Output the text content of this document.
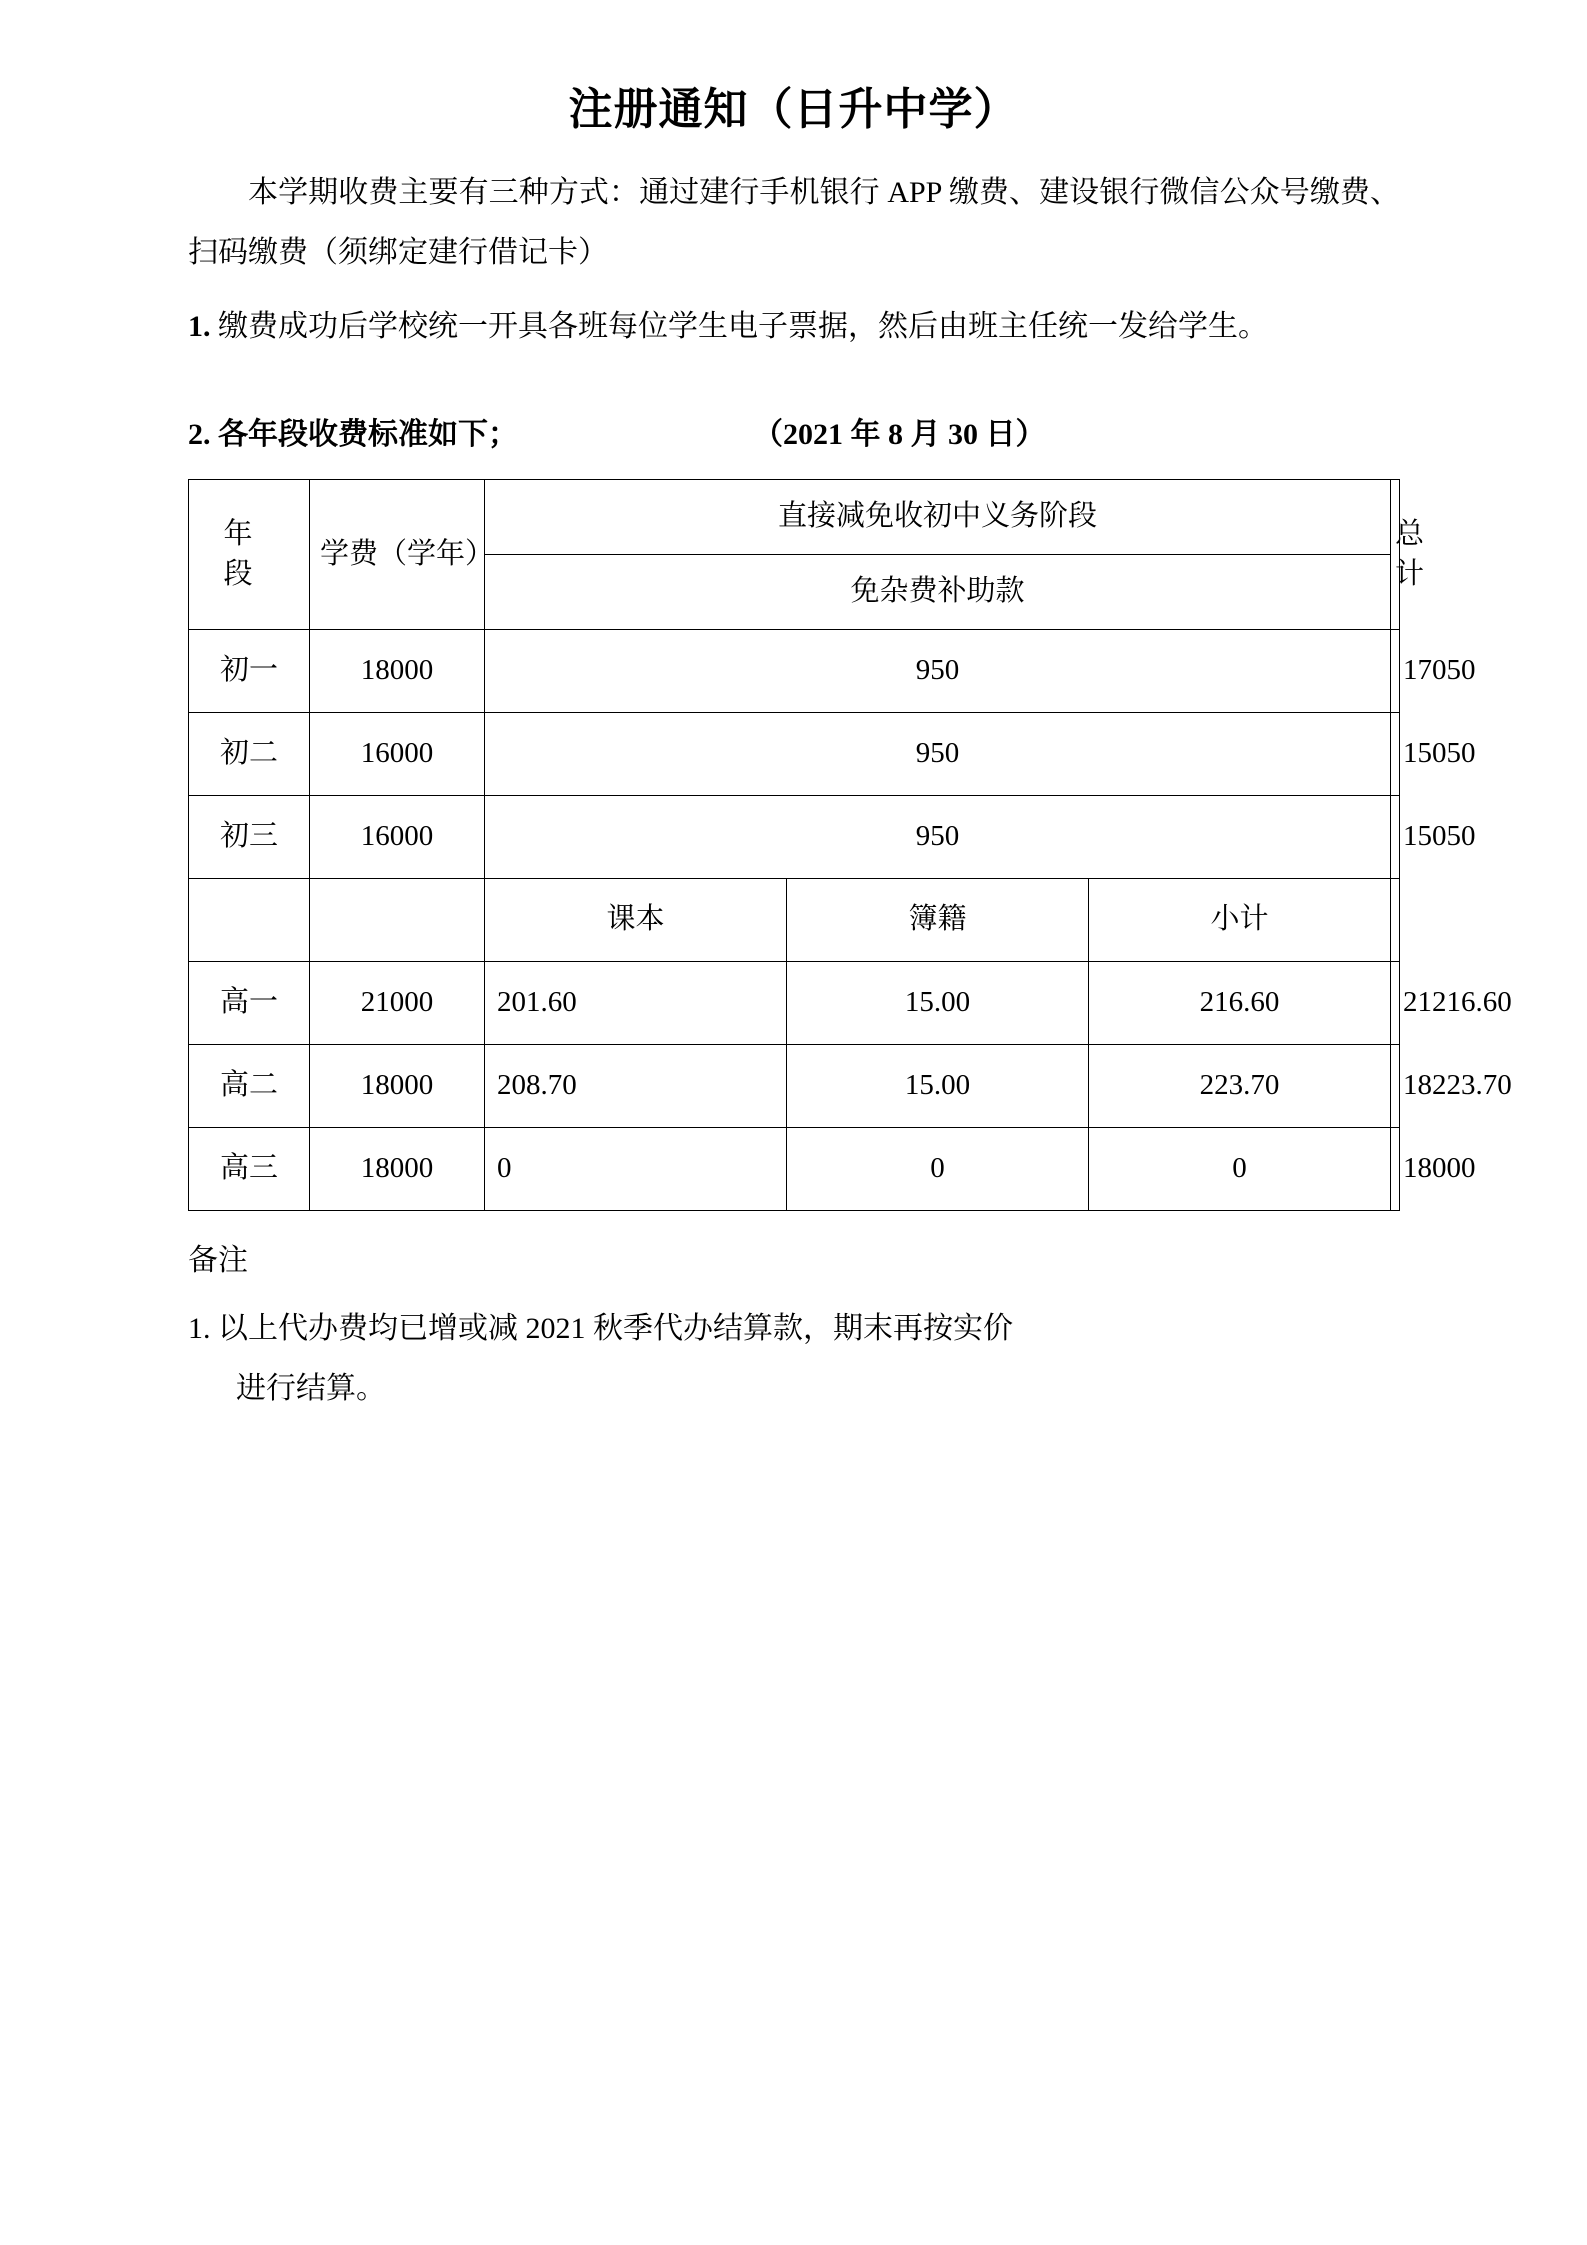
注册通知（日升中学）

本学期收费主要有三种方式：通过建行手机银行 APP 缴费、建设银行微信公众号缴费、扫码缴费（须绑定建行借记卡）

1. 缴费成功后学校统一开具各班每位学生电子票据，然后由班主任统一发给学生。

2. 各年段收费标准如下；	（2021 年 8 月 30 日）
年　段	学费（学年）	直接减免收初中义务阶段			总　计
		免杂费补助款			
初一	18000	950			17050
初二	16000	950			15050
初三	16000	950			15050
		课本	簿籍	小计	
高一	21000	201.60	15.00	216.60	21216.60
高二	18000	208.70	15.00	223.70	18223.70
高三	18000	0	0	0	18000

备注

1. 以上代办费均已增或减 2021 秋季代办结算款，期末再按实价

进行结算。
